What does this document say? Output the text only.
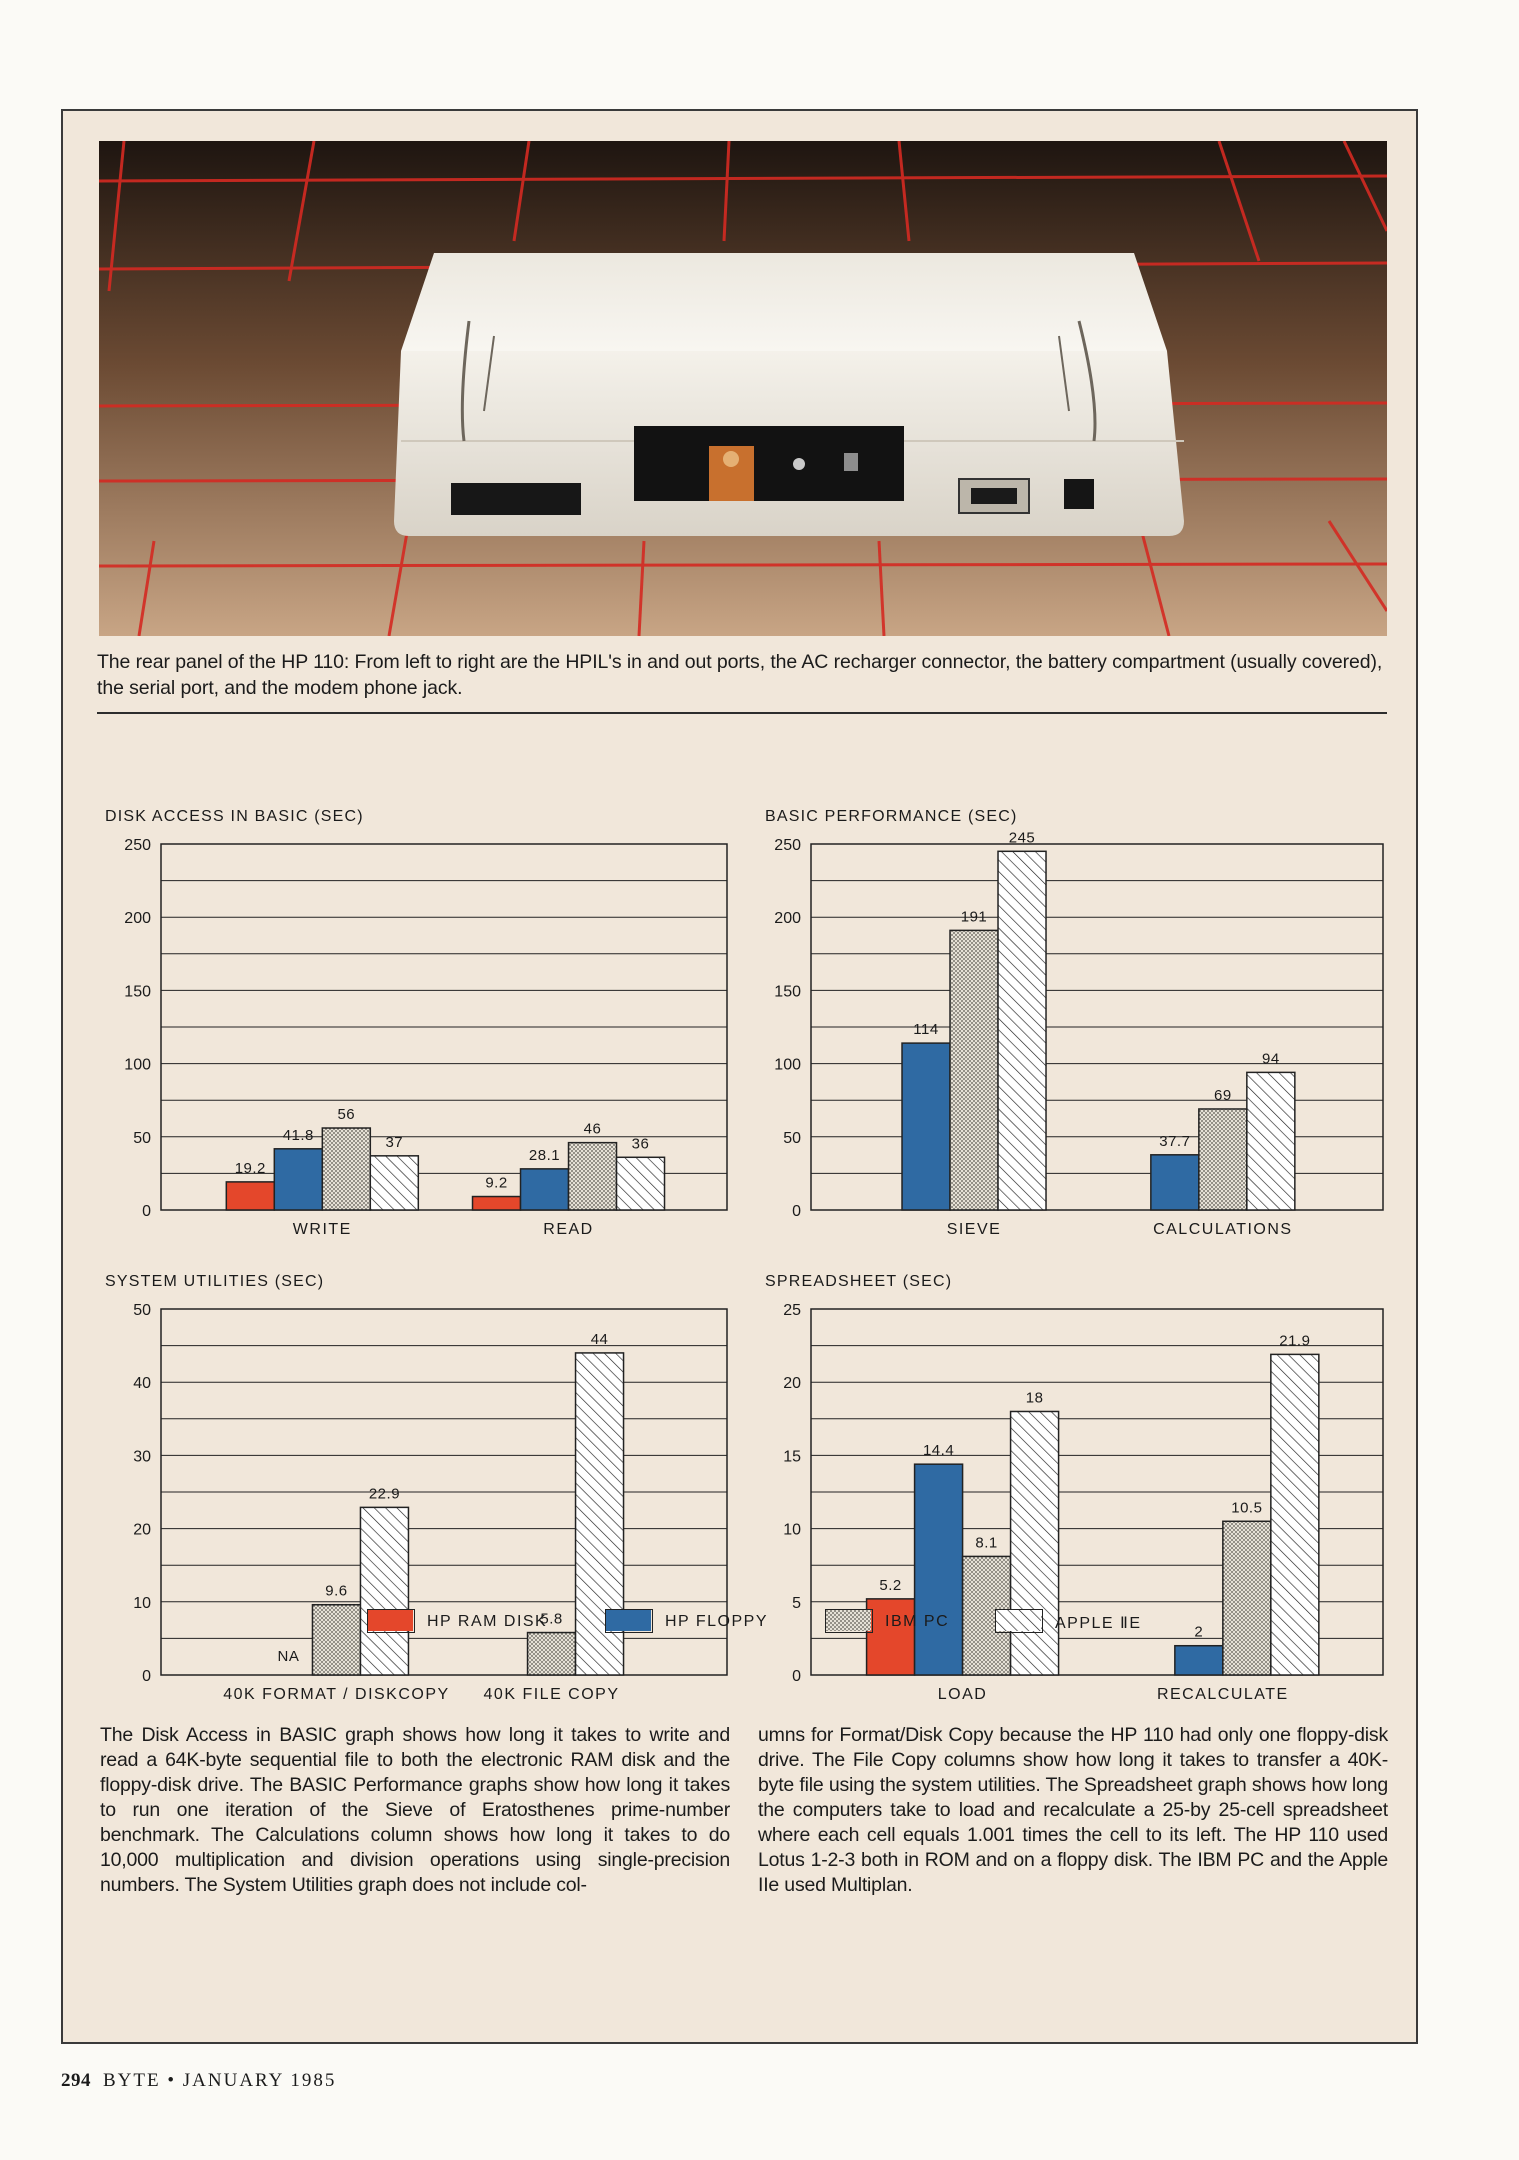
The rear panel of the HP 110: From left to right are the HPIL's in and out ports, the AC recharger connector, the battery compartment (usually covered), the serial port, and the modem phone jack.
DISK ACCESS IN BASIC (SEC)
0
50
100
150
200
250
19.2
41.8
56
37
WRITE
9.2
28.1
46
36
READ
BASIC PERFORMANCE (SEC)
0
50
100
150
200
250
114
191
245
SIEVE
37.7
69
94
CALCULATIONS
SYSTEM UTILITIES (SEC)
0
10
20
30
40
50
NA
9.6
22.9
40K FORMAT / DISKCOPY
5.8
44
40K FILE COPY
SPREADSHEET (SEC)
0
5
10
15
20
25
5.2
14.4
8.1
18
LOAD
2
10.5
21.9
RECALCULATE
HP RAM DISK	HP FLOPPY	IBM PC	APPLE ⅡE
The Disk Access in BASIC graph shows how long it takes to write and read a 64K-byte sequential file to both the electronic RAM disk and the floppy-disk drive. The BASIC Performance graphs show how long it takes to run one iteration of the Sieve of Eratosthenes prime-number benchmark. The Calculations column shows how long it takes to do 10,000 multiplication and division operations using single-precision numbers. The System Utilities graph does not include col-
umns for Format/Disk Copy because the HP 110 had only one floppy-disk drive. The File Copy columns show how long it takes to transfer a 40K-byte file using the system utilities. The Spreadsheet graph shows how long the computers take to load and recalculate a 25-by 25-cell spreadsheet where each cell equals 1.001 times the cell to its left. The HP 110 used Lotus 1-2-3 both in ROM and on a floppy disk. The IBM PC and the Apple IIe used Multiplan.
294 BYTE • JANUARY 1985
